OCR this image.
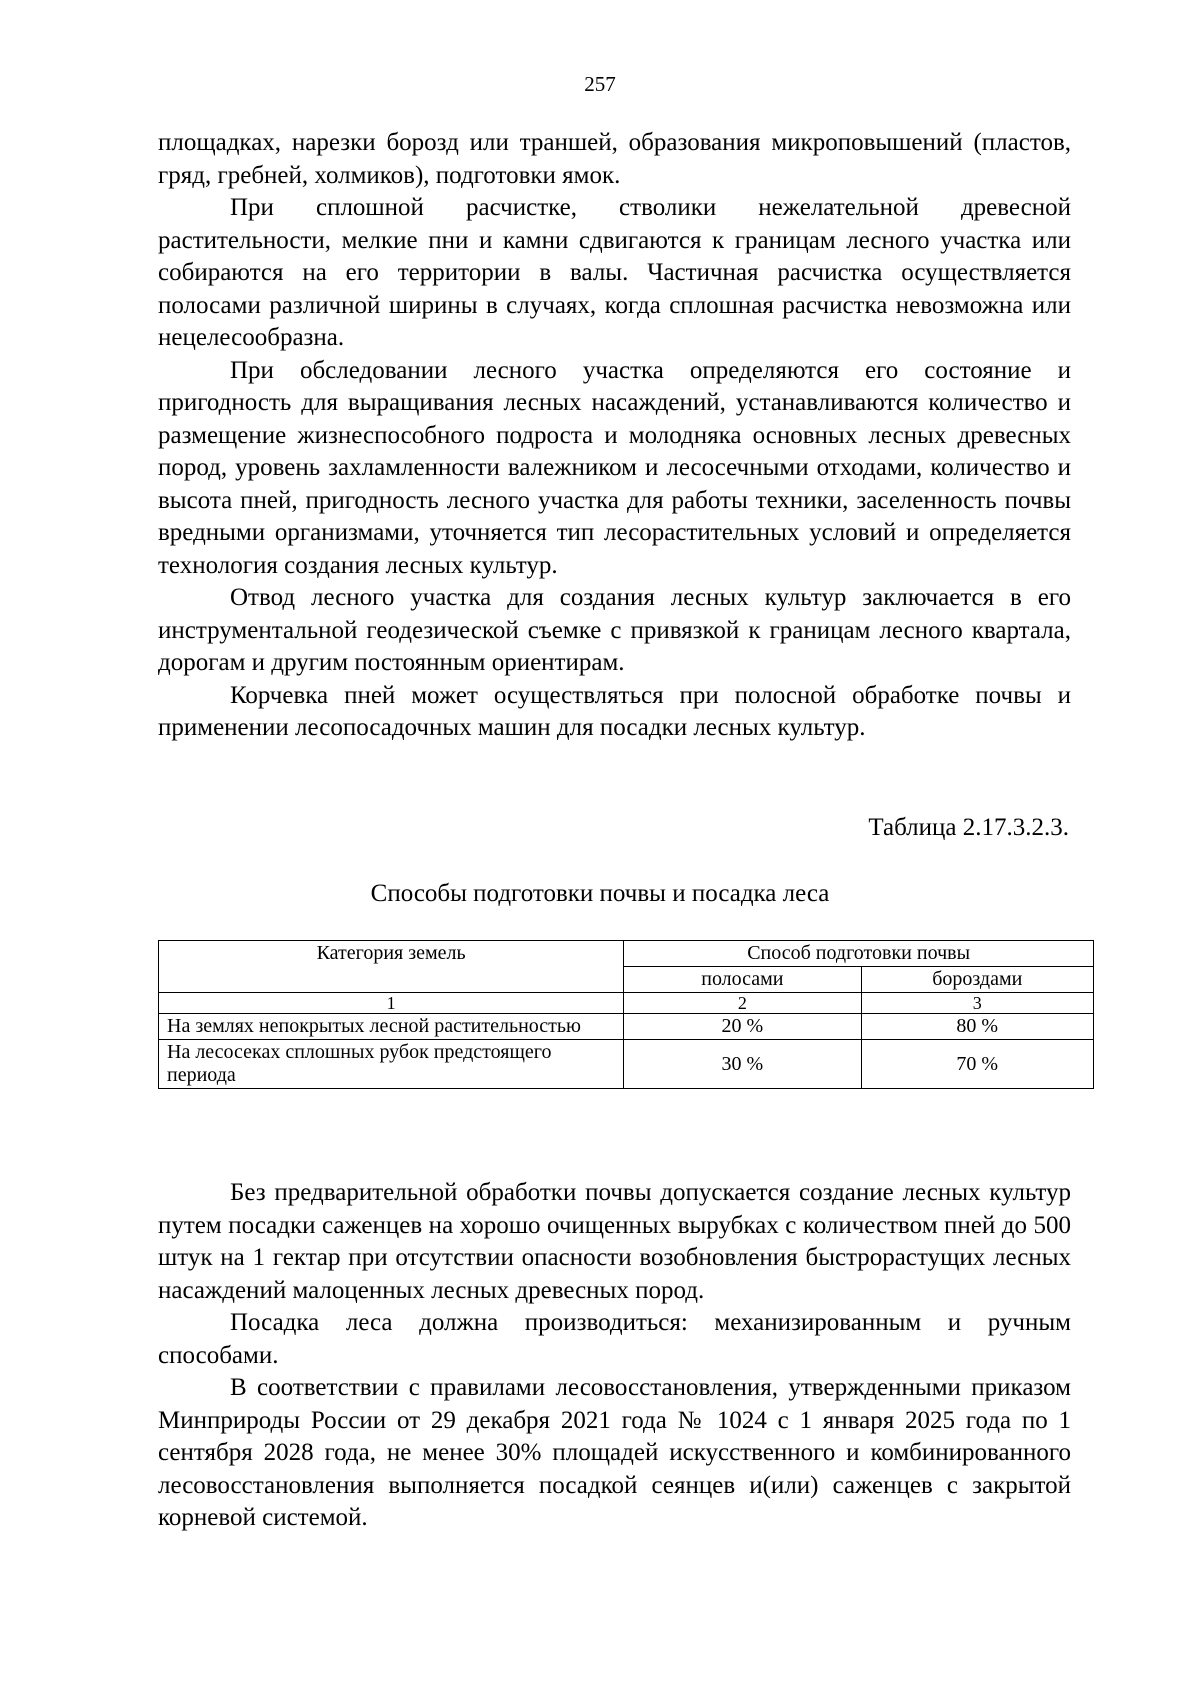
257

площадках, нарезки борозд или траншей, образования микроповышений (пластов, гряд, гребней, холмиков), подготовки ямок.

При сплошной расчистке, стволики нежелательной древесной растительности, мелкие пни и камни сдвигаются к границам лесного участка или собираются на его территории в валы. Частичная расчистка осуществляется полосами различной ширины в случаях, когда сплошная расчистка невозможна или нецелесообразна.

При обследовании лесного участка определяются его состояние и пригодность для выращивания лесных насаждений, устанавливаются количество и размещение жизнеспособного подроста и молодняка основных лесных древесных пород, уровень захламленности валежником и лесосечными отходами, количество и высота пней, пригодность лесного участка для работы техники, заселенность почвы вредными организмами, уточняется тип лесорастительных условий и определяется технология создания лесных культур.

Отвод лесного участка для создания лесных культур заключается в его инструментальной геодезической съемке с привязкой к границам лесного квартала, дорогам и другим постоянным ориентирам.

Корчевка пней может осуществляться при полосной обработке почвы и применении лесопосадочных машин для посадки лесных культур.

Таблица 2.17.3.2.3.
Способы подготовки почвы и посадка леса
Категория земель	Способ подготовки почвы	
	полосами	бороздами
1	2	3
На землях непокрытых лесной растительностью	20 %	80 %
На лесосеках сплошных рубок предстоящего периода	30 %	70 %

Без предварительной обработки почвы допускается создание лесных культур путем посадки саженцев на хорошо очищенных вырубках с количеством пней до 500 штук на 1 гектар при отсутствии опасности возобновления быстрорастущих лесных насаждений малоценных лесных древесных пород.

Посадка леса должна производиться: механизированным и ручным способами.

В соответствии с правилами лесовосстановления, утвержденными приказом Минприроды России от 29 декабря 2021 года № 1024 с 1 января 2025 года по 1 сентября 2028 года, не менее 30% площадей искусственного и комбинированного лесовосстановления выполняется посадкой сеянцев и(или) саженцев с закрытой корневой системой.
